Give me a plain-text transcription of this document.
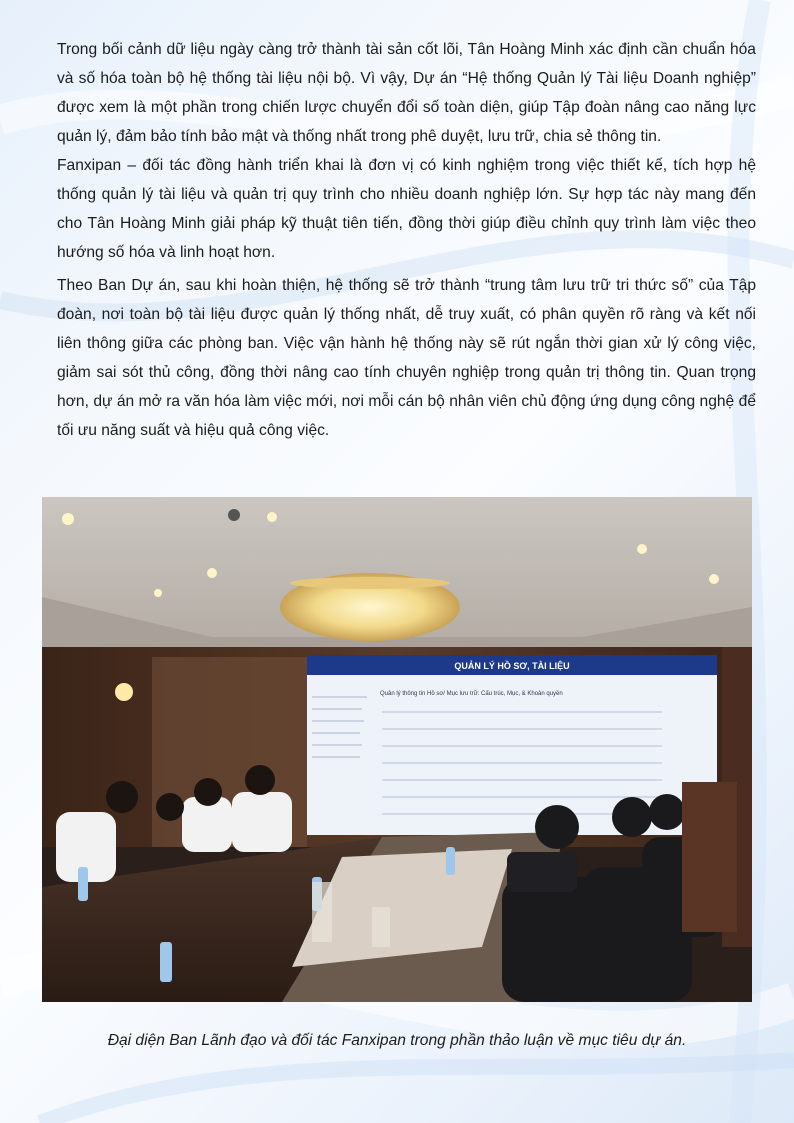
Trong bối cảnh dữ liệu ngày càng trở thành tài sản cốt lõi, Tân Hoàng Minh xác định cần chuẩn hóa và số hóa toàn bộ hệ thống tài liệu nội bộ. Vì vậy, Dự án “Hệ thống Quản lý Tài liệu Doanh nghiệp” được xem là một phần trong chiến lược chuyển đổi số toàn diện, giúp Tập đoàn nâng cao năng lực quản lý, đảm bảo tính bảo mật và thống nhất trong phê duyệt, lưu trữ, chia sẻ thông tin.

Fanxipan – đối tác đồng hành triển khai là đơn vị có kinh nghiệm trong việc thiết kế, tích hợp hệ thống quản lý tài liệu và quản trị quy trình cho nhiều doanh nghiệp lớn. Sự hợp tác này mang đến cho Tân Hoàng Minh giải pháp kỹ thuật tiên tiến, đồng thời giúp điều chỉnh quy trình làm việc theo hướng số hóa và linh hoạt hơn.

Theo Ban Dự án, sau khi hoàn thiện, hệ thống sẽ trở thành “trung tâm lưu trữ tri thức số” của Tập đoàn, nơi toàn bộ tài liệu được quản lý thống nhất, dễ truy xuất, có phân quyền rõ ràng và kết nối liên thông giữa các phòng ban. Việc vận hành hệ thống này sẽ rút ngắn thời gian xử lý công việc, giảm sai sót thủ công, đồng thời nâng cao tính chuyên nghiệp trong quản trị thông tin. Quan trọng hơn, dự án mở ra văn hóa làm việc mới, nơi mỗi cán bộ nhân viên chủ động ứng dụng công nghệ để tối ưu năng suất và hiệu quả công việc.

QUẢN LÝ HỒ SƠ, TÀI LIỆU
Quản lý thông tin Hồ sơ/ Mục lưu trữ: Cấu trúc, Mục, & Khoản quyền
Đại diện Ban Lãnh đạo và đối tác Fanxipan trong phần thảo luận về mục tiêu dự án.
